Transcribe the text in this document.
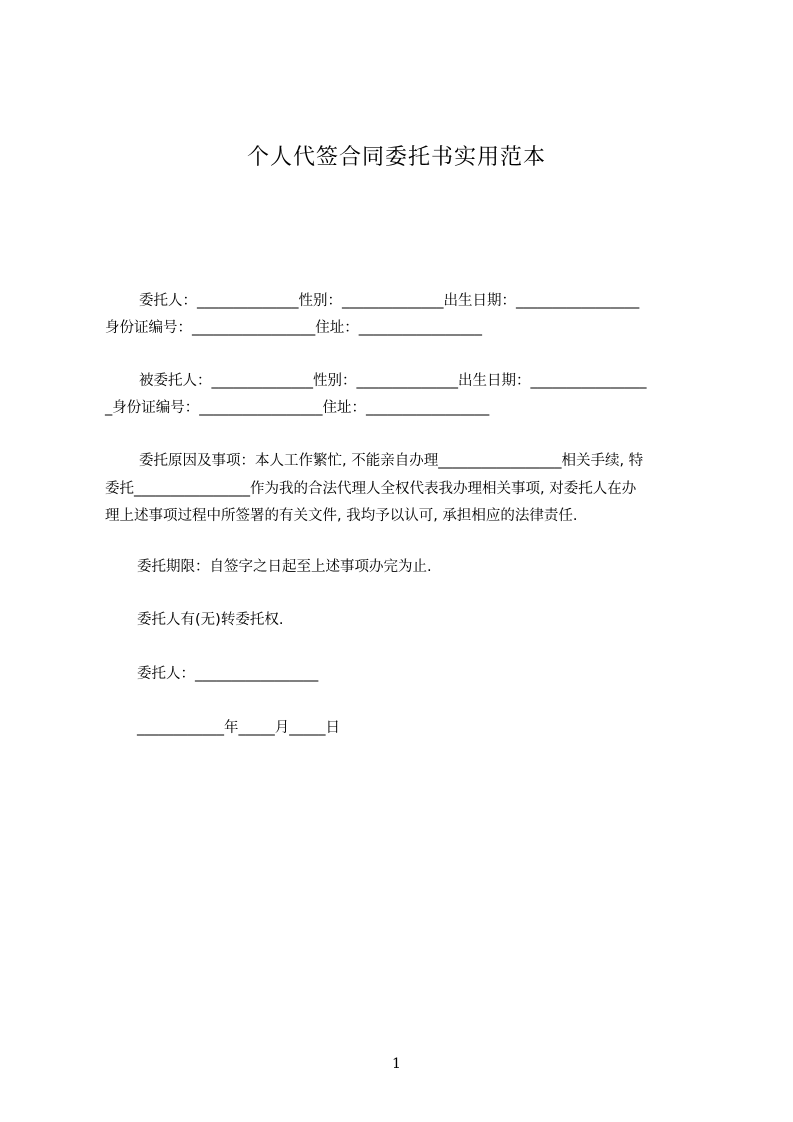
个人代签合同委托书实用范本
委托人：______________性别：______________出生日期：_________________
身份证编号：_________________住址：_________________
被委托人：______________性别：______________出生日期：________________
_身份证编号：_________________住址：_________________
委托原因及事项：本人工作繁忙, 不能亲自办理_________________相关手续, 特
委托________________作为我的合法代理人全权代表我办理相关事项, 对委托人在办
理上述事项过程中所签署的有关文件, 我均予以认可, 承担相应的法律责任.
委托期限：自签字之日起至上述事项办完为止.
委托人有(无)转委托权.
委托人：_________________
____________年_____月_____日
1
